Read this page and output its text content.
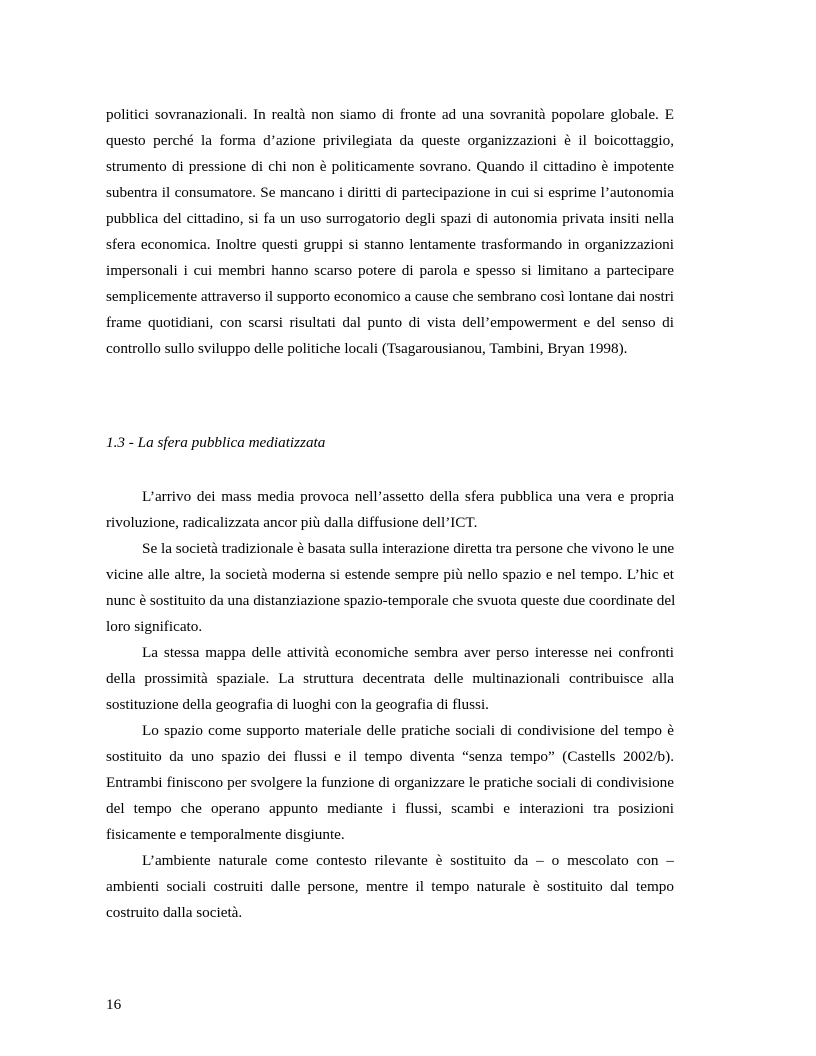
politici sovranazionali. In realtà non siamo di fronte ad una sovranità popolare globale. E
questo perché la forma d’azione privilegiata da queste organizzazioni è il boicottaggio,
strumento di pressione di chi non è politicamente sovrano. Quando il cittadino è impotente
subentra il consumatore. Se mancano i diritti di partecipazione in cui si esprime l’autonomia
pubblica del cittadino, si fa un uso surrogatorio degli spazi di autonomia privata insiti nella
sfera economica. Inoltre questi gruppi si stanno lentamente trasformando in organizzazioni
impersonali i cui membri hanno scarso potere di parola e spesso si limitano a partecipare
semplicemente attraverso il supporto economico a cause che sembrano così lontane dai nostri
frame quotidiani, con scarsi risultati dal punto di vista dell’empowerment e del senso di
controllo sullo sviluppo delle politiche locali (Tsagarousianou, Tambini, Bryan 1998).

1.3 - La sfera pubblica mediatizzata

L’arrivo dei mass media provoca nell’assetto della sfera pubblica una vera e propria
rivoluzione, radicalizzata ancor più dalla diffusione dell’ICT.
Se la società tradizionale è basata sulla interazione diretta tra persone che vivono le une
vicine alle altre, la società moderna si estende sempre più nello spazio e nel tempo. L’hic et
nunc è sostituito da una distanziazione spazio-temporale che svuota queste due coordinate del
loro significato.
La stessa mappa delle attività economiche sembra aver perso interesse nei confronti
della prossimità spaziale. La struttura decentrata delle multinazionali contribuisce alla
sostituzione della geografia di luoghi con la geografia di flussi.
Lo spazio come supporto materiale delle pratiche sociali di condivisione del tempo è
sostituito da uno spazio dei flussi e il tempo diventa “senza tempo” (Castells 2002/b).
Entrambi finiscono per svolgere la funzione di organizzare le pratiche sociali di condivisione
del tempo che operano appunto mediante i flussi, scambi e interazioni tra posizioni
fisicamente e temporalmente disgiunte.
L’ambiente naturale come contesto rilevante è sostituito da – o mescolato con –
ambienti sociali costruiti dalle persone, mentre il tempo naturale è sostituito dal tempo
costruito dalla società.

16
